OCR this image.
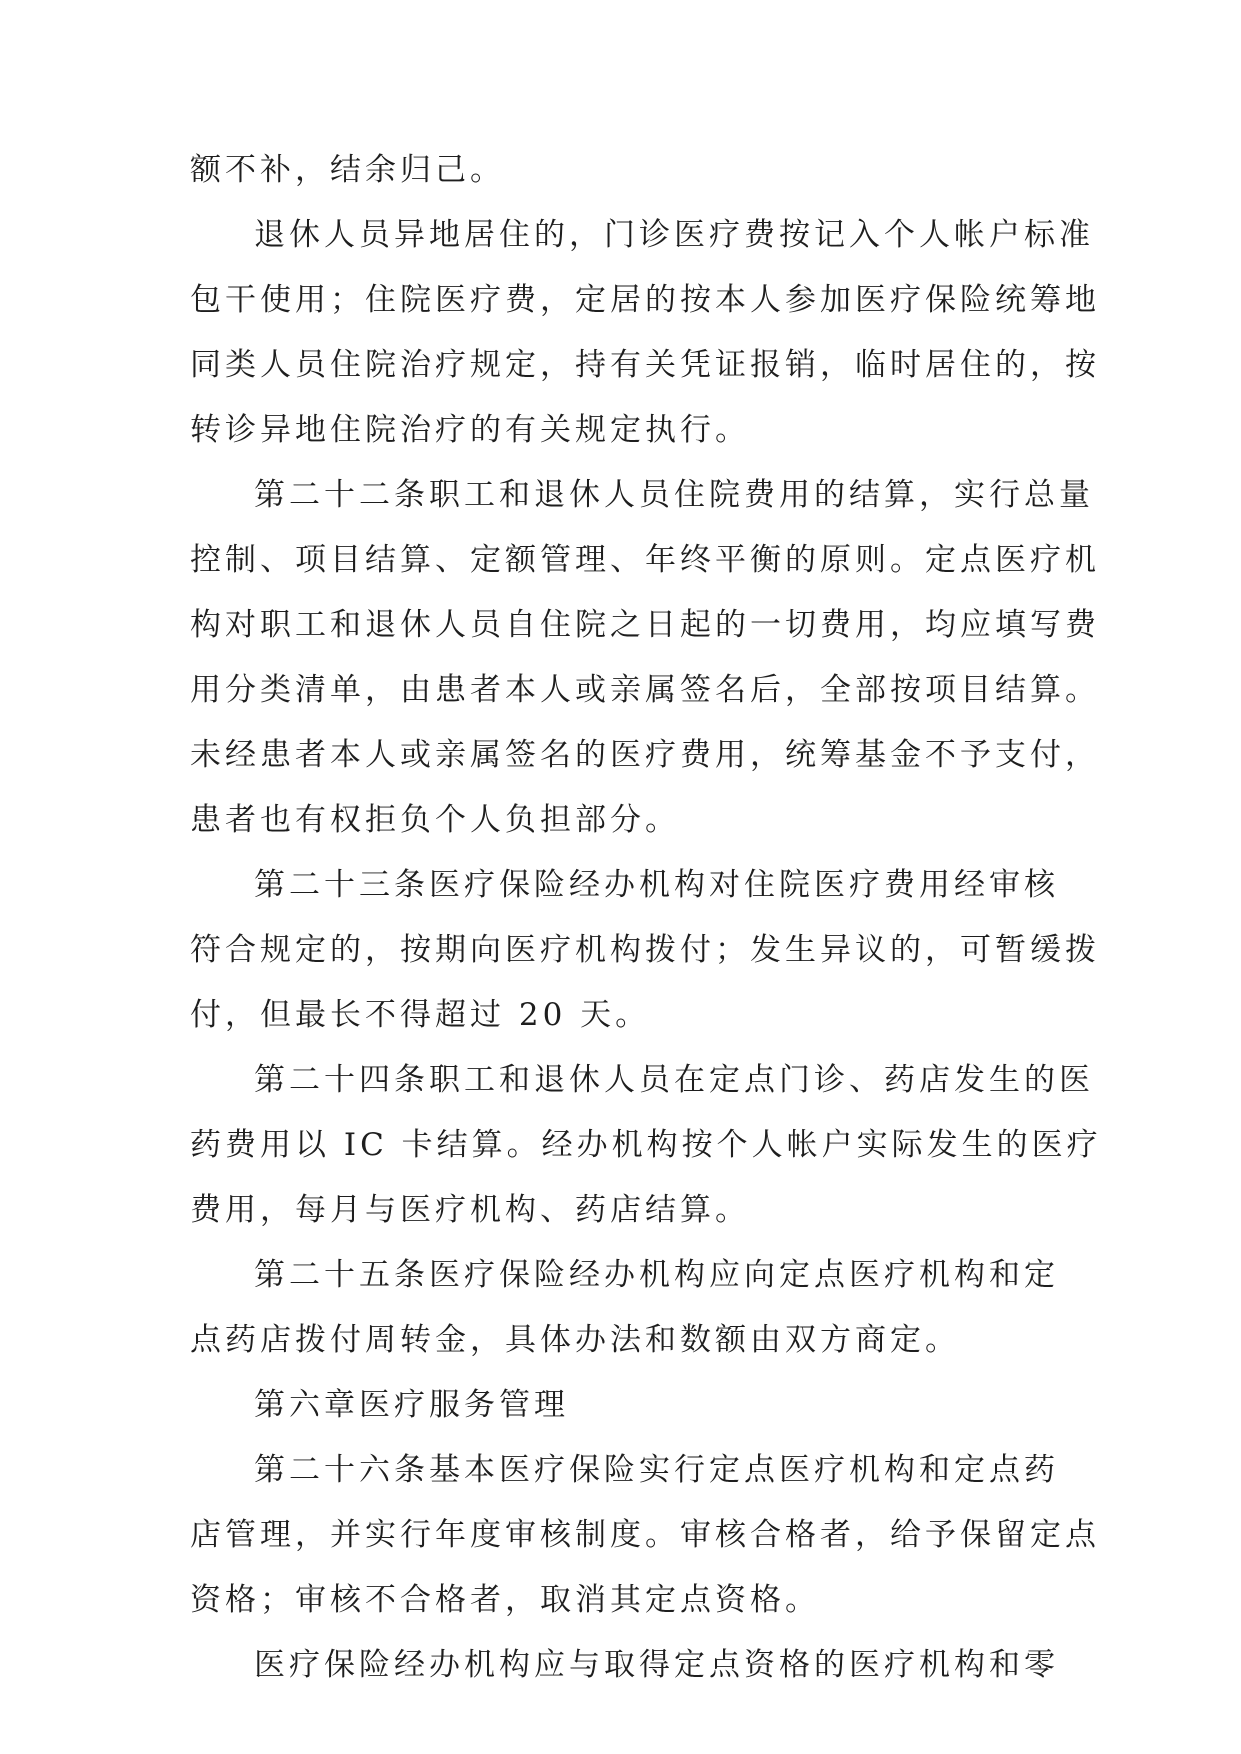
额不补，结余归己。
退休人员异地居住的，门诊医疗费按记入个人帐户标准
包干使用；住院医疗费，定居的按本人参加医疗保险统筹地
同类人员住院治疗规定，持有关凭证报销，临时居住的，按
转诊异地住院治疗的有关规定执行。
第二十二条职工和退休人员住院费用的结算，实行总量
控制、项目结算、定额管理、年终平衡的原则。定点医疗机
构对职工和退休人员自住院之日起的一切费用，均应填写费
用分类清单，由患者本人或亲属签名后，全部按项目结算。
未经患者本人或亲属签名的医疗费用，统筹基金不予支付，
患者也有权拒负个人负担部分。
第二十三条医疗保险经办机构对住院医疗费用经审核
符合规定的，按期向医疗机构拨付；发生异议的，可暂缓拨
付，但最长不得超过 20 天。
第二十四条职工和退休人员在定点门诊、药店发生的医
药费用以 IC 卡结算。经办机构按个人帐户实际发生的医疗
费用，每月与医疗机构、药店结算。
第二十五条医疗保险经办机构应向定点医疗机构和定
点药店拨付周转金，具体办法和数额由双方商定。
第六章医疗服务管理
第二十六条基本医疗保险实行定点医疗机构和定点药
店管理，并实行年度审核制度。审核合格者，给予保留定点
资格；审核不合格者，取消其定点资格。
医疗保险经办机构应与取得定点资格的医疗机构和零
